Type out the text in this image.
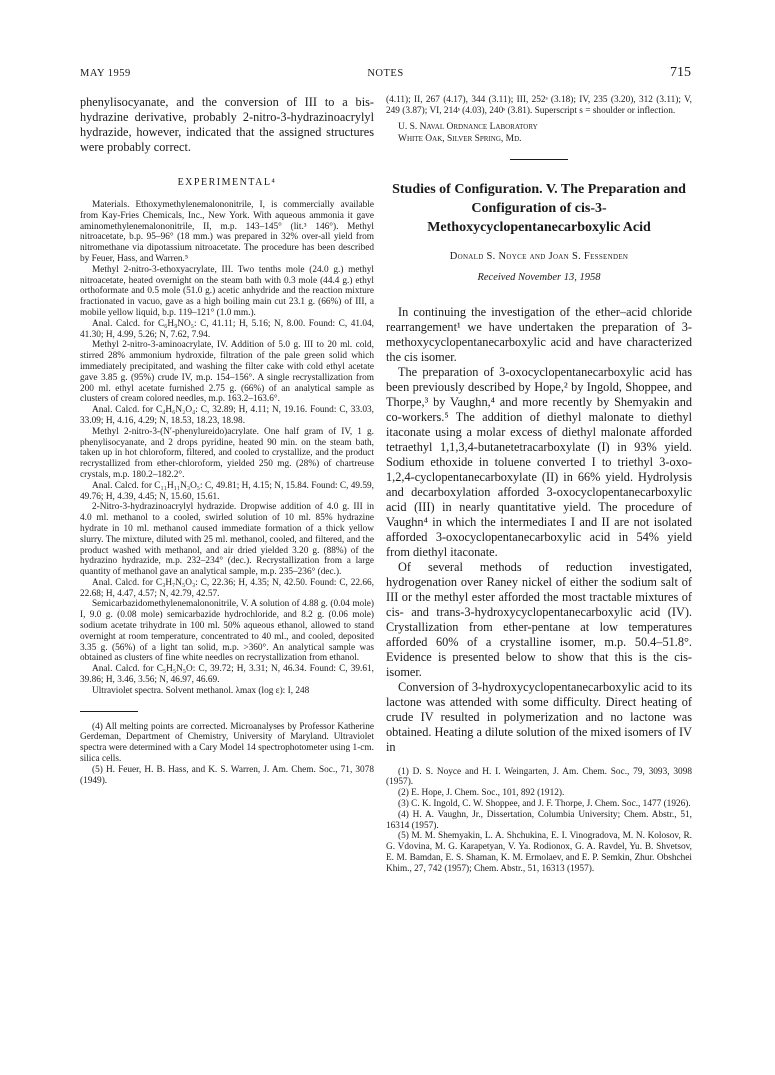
MAY 1959	NOTES	715

phenylisocyanate, and the conversion of III to a bis-hydrazine derivative, probably 2-nitro-3-hydrazinoacrylyl hydrazide, however, indicated that the assigned structures were probably correct.

EXPERIMENTAL⁴

Materials. Ethoxymethylenemalononitrile, I, is commercially available from Kay-Fries Chemicals, Inc., New York. With aqueous ammonia it gave aminomethylenemalononitrile, II, m.p. 143–145° (lit.³ 146°). Methyl nitroacetate, b.p. 95–96° (18 mm.) was prepared in 32% over-all yield from nitromethane via dipotassium nitroacetate. The procedure has been described by Feuer, Hass, and Warren.⁵

Methyl 2-nitro-3-ethoxyacrylate, III. Two tenths mole (24.0 g.) methyl nitroacetate, heated overnight on the steam bath with 0.3 mole (44.4 g.) ethyl orthoformate and 0.5 mole (51.0 g.) acetic anhydride and the reaction mixture fractionated in vacuo, gave as a high boiling main cut 23.1 g. (66%) of III, a mobile yellow liquid, b.p. 119–121° (1.0 mm.).

Anal. Calcd. for C₆H₉NO₅: C, 41.11; H, 5.16; N, 8.00. Found: C, 41.04, 41.30; H, 4.99, 5.26; N, 7.62, 7.94.

Methyl 2-nitro-3-aminoacrylate, IV. Addition of 5.0 g. III to 20 ml. cold, stirred 28% ammonium hydroxide, filtration of the pale green solid which immediately precipitated, and washing the filter cake with cold ethyl acetate gave 3.85 g. (95%) crude IV, m.p. 154–156°. A single recrystallization from 200 ml. ethyl acetate furnished 2.75 g. (66%) of an analytical sample as clusters of cream colored needles, m.p. 163.2–163.6°.

Anal. Calcd. for C₄H₆N₂O₄: C, 32.89; H, 4.11; N, 19.16. Found: C, 33.03, 33.09; H, 4.16, 4.29; N, 18.53, 18.23, 18.98.

Methyl 2-nitro-3-(N′-phenylureido)acrylate. One half gram of IV, 1 g. phenylisocyanate, and 2 drops pyridine, heated 90 min. on the steam bath, taken up in hot chloroform, filtered, and cooled to crystallize, and the product recrystallized from ether-chloroform, yielded 250 mg. (28%) of chartreuse crystals, m.p. 180.2–182.2°.

Anal. Calcd. for C₁₁H₁₁N₃O₅: C, 49.81; H, 4.15; N, 15.84. Found: C, 49.59, 49.76; H, 4.39, 4.45; N, 15.60, 15.61.

2-Nitro-3-hydrazinoacrylyl hydrazide. Dropwise addition of 4.0 g. III in 4.0 ml. methanol to a cooled, swirled solution of 10 ml. 85% hydrazine hydrate in 10 ml. methanol caused immediate formation of a thick yellow slurry. The mixture, diluted with 25 ml. methanol, cooled, and filtered, and the product washed with methanol, and air dried yielded 3.20 g. (88%) of the hydrazino hydrazide, m.p. 232–234° (dec.). Recrystallization from a large quantity of methanol gave an analytical sample, m.p. 235–236° (dec.).

Anal. Calcd. for C₃H₇N₅O₃: C, 22.36; H, 4.35; N, 42.50. Found: C, 22.66, 22.68; H, 4.47, 4.57; N, 42.79, 42.57.

Semicarbazidomethylenemalononitrile, V. A solution of 4.88 g. (0.04 mole) I, 9.0 g. (0.08 mole) semicarbazide hydrochloride, and 8.2 g. (0.06 mole) sodium acetate trihydrate in 100 ml. 50% aqueous ethanol, allowed to stand overnight at room temperature, concentrated to 40 ml., and cooled, deposited 3.35 g. (56%) of a light tan solid, m.p. >360°. An analytical sample was obtained as clusters of fine white needles on recrystallization from ethanol.

Anal. Calcd. for C₅H₅N₅O: C, 39.72; H, 3.31; N, 46.34. Found: C, 39.61, 39.86; H, 3.46, 3.56; N, 46.97, 46.69.

Ultraviolet spectra. Solvent methanol. λmax (log ε): I, 248

(4) All melting points are corrected. Microanalyses by Professor Katherine Gerdeman, Department of Chemistry, University of Maryland. Ultraviolet spectra were determined with a Cary Model 14 spectrophotometer using 1-cm. silica cells.

(5) H. Feuer, H. B. Hass, and K. S. Warren, J. Am. Chem. Soc., 71, 3078 (1949).

(4.11); II, 267 (4.17), 344 (3.11); III, 252ˢ (3.18); IV, 235 (3.20), 312 (3.11); V, 249 (3.87); VI, 214ˢ (4.03), 240ˢ (3.81). Superscript s = shoulder or inflection.

U. S. Naval Ordnance Laboratory
White Oak, Silver Spring, Md.
Studies of Configuration. V. The Preparation and Configuration of cis-3-Methoxycyclopentanecarboxylic Acid
Donald S. Noyce and Joan S. Fessenden
Received November 13, 1958

In continuing the investigation of the ether–acid chloride rearrangement¹ we have undertaken the preparation of 3-methoxycyclopentanecarboxylic acid and have characterized the cis isomer.

The preparation of 3-oxocyclopentanecarboxylic acid has been previously described by Hope,² by Ingold, Shoppee, and Thorpe,³ by Vaughn,⁴ and more recently by Shemyakin and co-workers.⁵ The addition of diethyl malonate to diethyl itaconate using a molar excess of diethyl malonate afforded tetraethyl 1,1,3,4-butanetetracarboxylate (I) in 93% yield. Sodium ethoxide in toluene converted I to triethyl 3-oxo-1,2,4-cyclopentanecarboxylate (II) in 66% yield. Hydrolysis and decarboxylation afforded 3-oxocyclopentanecarboxylic acid (III) in nearly quantitative yield. The procedure of Vaughn⁴ in which the intermediates I and II are not isolated afforded 3-oxocyclopentanecarboxylic acid in 54% yield from diethyl itaconate.

Of several methods of reduction investigated, hydrogenation over Raney nickel of either the sodium salt of III or the methyl ester afforded the most tractable mixtures of cis- and trans-3-hydroxycyclopentanecarboxylic acid (IV). Crystallization from ether-pentane at low temperatures afforded 60% of a crystalline isomer, m.p. 50.4–51.8°. Evidence is presented below to show that this is the cis-isomer.

Conversion of 3-hydroxycyclopentanecarboxylic acid to its lactone was attended with some difficulty. Direct heating of crude IV resulted in polymerization and no lactone was obtained. Heating a dilute solution of the mixed isomers of IV in

(1) D. S. Noyce and H. I. Weingarten, J. Am. Chem. Soc., 79, 3093, 3098 (1957).

(2) E. Hope, J. Chem. Soc., 101, 892 (1912).

(3) C. K. Ingold, C. W. Shoppee, and J. F. Thorpe, J. Chem. Soc., 1477 (1926).

(4) H. A. Vaughn, Jr., Dissertation, Columbia University; Chem. Abstr., 51, 16314 (1957).

(5) M. M. Shemyakin, L. A. Shchukina, E. I. Vinogradova, M. N. Kolosov, R. G. Vdovina, M. G. Karapetyan, V. Ya. Rodionox, G. A. Ravdel, Yu. B. Shvetsov, E. M. Bamdan, E. S. Shaman, K. M. Ermolaev, and E. P. Semkin, Zhur. Obshchei Khim., 27, 742 (1957); Chem. Abstr., 51, 16313 (1957).
